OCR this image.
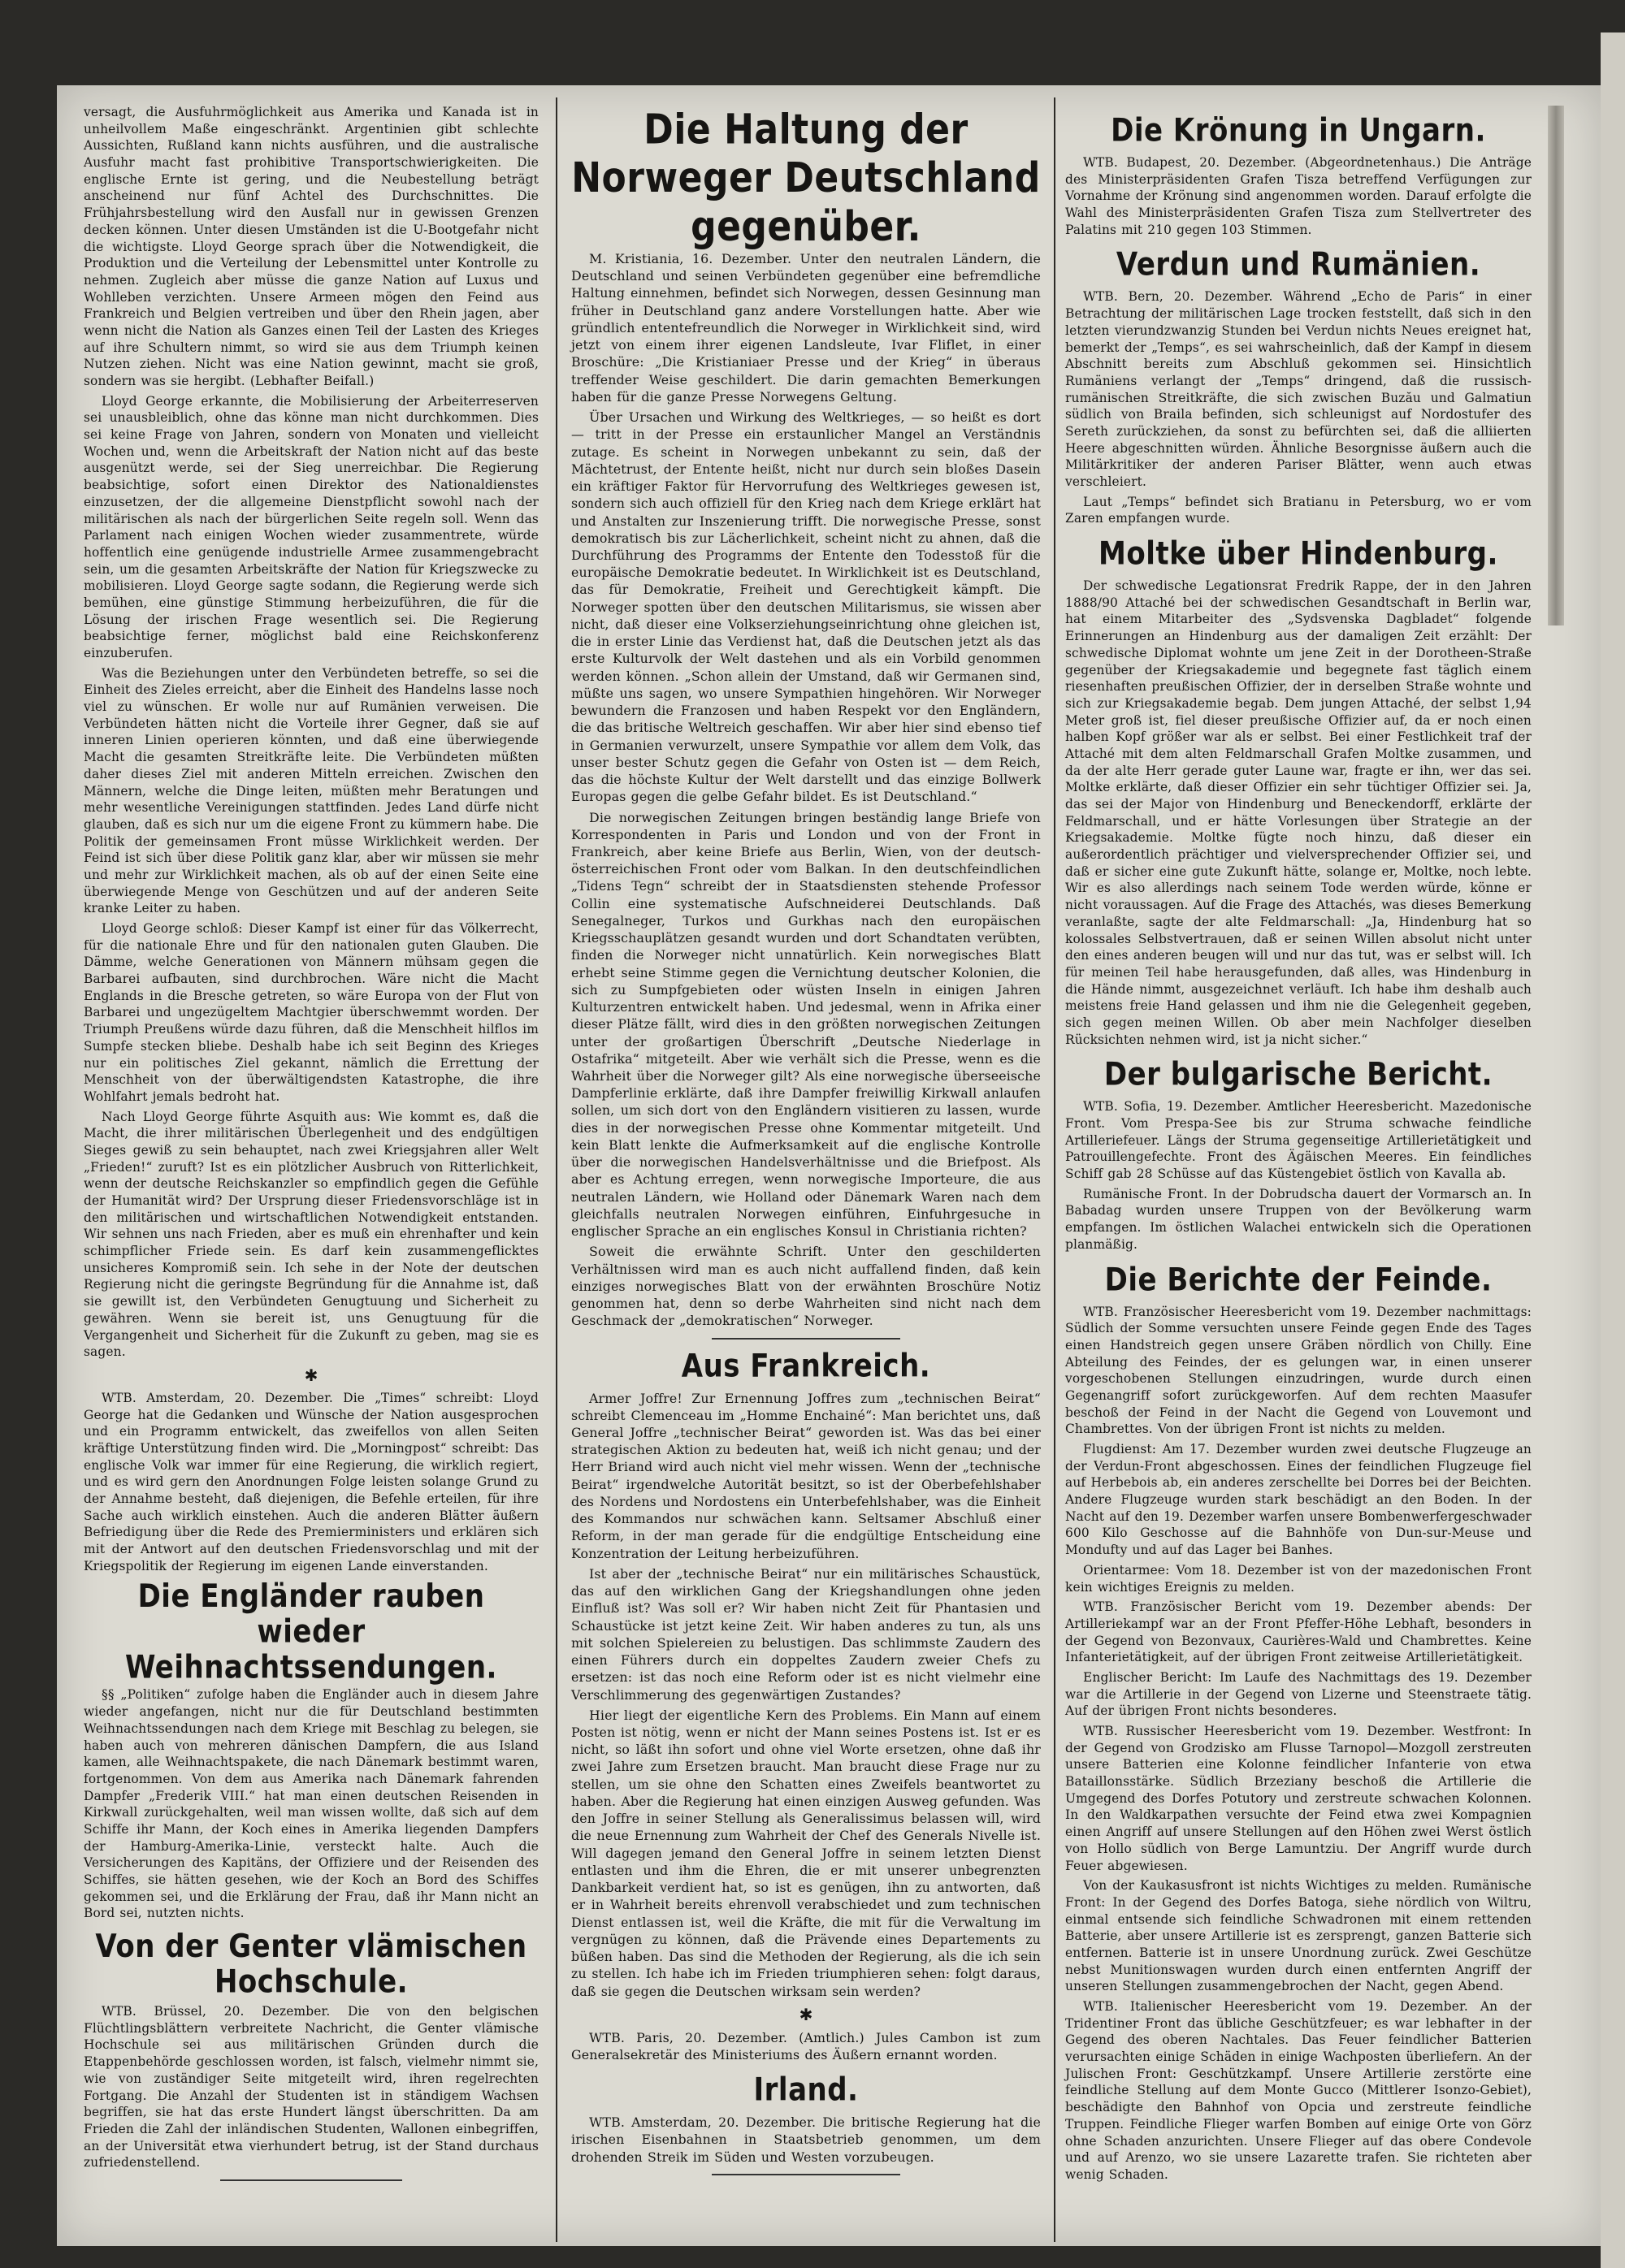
versagt, die Ausfuhrmöglichkeit aus Amerika und Kanada ist in unheilvollem Maße eingeschränkt. Argentinien gibt schlechte Aussichten, Rußland kann nichts ausführen, und die australische Ausfuhr macht fast prohibitive Transportschwierigkeiten. Die englische Ernte ist gering, und die Neubestellung beträgt anscheinend nur fünf Achtel des Durchschnittes. Die Frühjahrsbestellung wird den Ausfall nur in gewissen Grenzen decken können. Unter diesen Umständen ist die U-Bootgefahr nicht die wichtigste. Lloyd George sprach über die Notwendigkeit, die Produktion und die Verteilung der Lebensmittel unter Kontrolle zu nehmen. Zugleich aber müsse die ganze Nation auf Luxus und Wohlleben verzichten. Unsere Armeen mögen den Feind aus Frankreich und Belgien vertreiben und über den Rhein jagen, aber wenn nicht die Nation als Ganzes einen Teil der Lasten des Krieges auf ihre Schultern nimmt, so wird sie aus dem Triumph keinen Nutzen ziehen. Nicht was eine Nation gewinnt, macht sie groß, sondern was sie hergibt. (Lebhafter Beifall.)

Lloyd George erkannte, die Mobilisierung der Arbeiterreserven sei unausbleiblich, ohne das könne man nicht durchkommen. Dies sei keine Frage von Jahren, sondern von Monaten und vielleicht Wochen und, wenn die Arbeitskraft der Nation nicht auf das beste ausgenützt werde, sei der Sieg unerreichbar. Die Regierung beabsichtige, sofort einen Direktor des Nationaldienstes einzusetzen, der die allgemeine Dienstpflicht sowohl nach der militärischen als nach der bürgerlichen Seite regeln soll. Wenn das Parlament nach einigen Wochen wieder zusammentrete, würde hoffentlich eine genügende industrielle Armee zusammengebracht sein, um die gesamten Arbeitskräfte der Nation für Kriegszwecke zu mobilisieren. Lloyd George sagte sodann, die Regierung werde sich bemühen, eine günstige Stimmung herbeizuführen, die für die Lösung der irischen Frage wesentlich sei. Die Regierung beabsichtige ferner, möglichst bald eine Reichskonferenz einzuberufen.

Was die Beziehungen unter den Verbündeten betreffe, so sei die Einheit des Zieles erreicht, aber die Einheit des Handelns lasse noch viel zu wünschen. Er wolle nur auf Rumänien verweisen. Die Verbündeten hätten nicht die Vorteile ihrer Gegner, daß sie auf inneren Linien operieren könnten, und daß eine überwiegende Macht die gesamten Streitkräfte leite. Die Verbündeten müßten daher dieses Ziel mit anderen Mitteln erreichen. Zwischen den Männern, welche die Dinge leiten, müßten mehr Beratungen und mehr wesentliche Vereinigungen stattfinden. Jedes Land dürfe nicht glauben, daß es sich nur um die eigene Front zu kümmern habe. Die Politik der gemeinsamen Front müsse Wirklichkeit werden. Der Feind ist sich über diese Politik ganz klar, aber wir müssen sie mehr und mehr zur Wirklichkeit machen, als ob auf der einen Seite eine überwiegende Menge von Geschützen und auf der anderen Seite kranke Leiter zu haben.

Lloyd George schloß: Dieser Kampf ist einer für das Völkerrecht, für die nationale Ehre und für den nationalen guten Glauben. Die Dämme, welche Generationen von Männern mühsam gegen die Barbarei aufbauten, sind durchbrochen. Wäre nicht die Macht Englands in die Bresche getreten, so wäre Europa von der Flut von Barbarei und ungezügeltem Machtgier überschwemmt worden. Der Triumph Preußens würde dazu führen, daß die Menschheit hilflos im Sumpfe stecken bliebe. Deshalb habe ich seit Beginn des Krieges nur ein politisches Ziel gekannt, nämlich die Errettung der Menschheit von der überwältigendsten Katastrophe, die ihre Wohlfahrt jemals bedroht hat.

Nach Lloyd George führte Asquith aus: Wie kommt es, daß die Macht, die ihrer militärischen Überlegenheit und des endgültigen Sieges gewiß zu sein behauptet, nach zwei Kriegsjahren aller Welt „Frieden!“ zuruft? Ist es ein plötzlicher Ausbruch von Ritterlichkeit, wenn der deutsche Reichskanzler so empfindlich gegen die Gefühle der Humanität wird? Der Ursprung dieser Friedensvorschläge ist in den militärischen und wirtschaftlichen Notwendigkeit entstanden. Wir sehnen uns nach Frieden, aber es muß ein ehrenhafter und kein schimpflicher Friede sein. Es darf kein zusammengeflicktes unsicheres Kompromiß sein. Ich sehe in der Note der deutschen Regierung nicht die geringste Begründung für die Annahme ist, daß sie gewillt ist, den Verbündeten Genugtuung und Sicherheit zu gewähren. Wenn sie bereit ist, uns Genugtuung für die Vergangenheit und Sicherheit für die Zukunft zu geben, mag sie es sagen.

✱

WTB. Amsterdam, 20. Dezember. Die „Times“ schreibt: Lloyd George hat die Gedanken und Wünsche der Nation ausgesprochen und ein Programm entwickelt, das zweifellos von allen Seiten kräftige Unterstützung finden wird. Die „Morningpost“ schreibt: Das englische Volk war immer für eine Regierung, die wirklich regiert, und es wird gern den Anordnungen Folge leisten solange Grund zu der Annahme besteht, daß diejenigen, die Befehle erteilen, für ihre Sache auch wirklich einstehen. Auch die anderen Blätter äußern Befriedigung über die Rede des Premierministers und erklären sich mit der Antwort auf den deutschen Friedensvorschlag und mit der Kriegspolitik der Regierung im eigenen Lande einverstanden.

Die Engländer rauben wieder Weihnachtssendungen.

§§ „Politiken“ zufolge haben die Engländer auch in diesem Jahre wieder angefangen, nicht nur die für Deutschland bestimmten Weihnachtssendungen nach dem Kriege mit Beschlag zu belegen, sie haben auch von mehreren dänischen Dampfern, die aus Island kamen, alle Weihnachtspakete, die nach Dänemark bestimmt waren, fortgenommen. Von dem aus Amerika nach Dänemark fahrenden Dampfer „Frederik VIII.“ hat man einen deutschen Reisenden in Kirkwall zurückgehalten, weil man wissen wollte, daß sich auf dem Schiffe ihr Mann, der Koch eines in Amerika liegenden Dampfers der Hamburg-Amerika-Linie, versteckt halte. Auch die Versicherungen des Kapitäns, der Offiziere und der Reisenden des Schiffes, sie hätten gesehen, wie der Koch an Bord des Schiffes gekommen sei, und die Erklärung der Frau, daß ihr Mann nicht an Bord sei, nutzten nichts.

Von der Genter vlämischen Hochschule.

WTB. Brüssel, 20. Dezember. Die von den belgischen Flüchtlingsblättern verbreitete Nachricht, die Genter vlämische Hochschule sei aus militärischen Gründen durch die Etappenbehörde geschlossen worden, ist falsch, vielmehr nimmt sie, wie von zuständiger Seite mitgeteilt wird, ihren regelrechten Fortgang. Die Anzahl der Studenten ist in ständigem Wachsen begriffen, sie hat das erste Hundert längst überschritten. Da am Frieden die Zahl der inländischen Studenten, Wallonen einbegriffen, an der Universität etwa vierhundert betrug, ist der Stand durchaus zufriedenstellend.

Die Haltung der Norweger Deutschland gegenüber.

M. Kristiania, 16. Dezember. Unter den neutralen Ländern, die Deutschland und seinen Verbündeten gegenüber eine befremdliche Haltung einnehmen, befindet sich Norwegen, dessen Gesinnung man früher in Deutschland ganz andere Vorstellungen hatte. Aber wie gründlich ententefreundlich die Norweger in Wirklichkeit sind, wird jetzt von einem ihrer eigenen Landsleute, Ivar Fliflet, in einer Broschüre: „Die Kristianiaer Presse und der Krieg“ in überaus treffender Weise geschildert. Die darin gemachten Bemerkungen haben für die ganze Presse Norwegens Geltung.

Über Ursachen und Wirkung des Weltkrieges, — so heißt es dort — tritt in der Presse ein erstaunlicher Mangel an Verständnis zutage. Es scheint in Norwegen unbekannt zu sein, daß der Mächtetrust, der Entente heißt, nicht nur durch sein bloßes Dasein ein kräftiger Faktor für Hervorrufung des Weltkrieges gewesen ist, sondern sich auch offiziell für den Krieg nach dem Kriege erklärt hat und Anstalten zur Inszenierung trifft. Die norwegische Presse, sonst demokratisch bis zur Lächerlichkeit, scheint nicht zu ahnen, daß die Durchführung des Programms der Entente den Todesstoß für die europäische Demokratie bedeutet. In Wirklichkeit ist es Deutschland, das für Demokratie, Freiheit und Gerechtigkeit kämpft. Die Norweger spotten über den deutschen Militarismus, sie wissen aber nicht, daß dieser eine Volkserziehungseinrichtung ohne gleichen ist, die in erster Linie das Verdienst hat, daß die Deutschen jetzt als das erste Kulturvolk der Welt dastehen und als ein Vorbild genommen werden können. „Schon allein der Umstand, daß wir Germanen sind, müßte uns sagen, wo unsere Sympathien hingehören. Wir Norweger bewundern die Franzosen und haben Respekt vor den Engländern, die das britische Weltreich geschaffen. Wir aber hier sind ebenso tief in Germanien verwurzelt, unsere Sympathie vor allem dem Volk, das unser bester Schutz gegen die Gefahr von Osten ist — dem Reich, das die höchste Kultur der Welt darstellt und das einzige Bollwerk Europas gegen die gelbe Gefahr bildet. Es ist Deutschland.“

Die norwegischen Zeitungen bringen beständig lange Briefe von Korrespondenten in Paris und London und von der Front in Frankreich, aber keine Briefe aus Berlin, Wien, von der deutsch-österreichischen Front oder vom Balkan. In den deutschfeindlichen „Tidens Tegn“ schreibt der in Staatsdiensten stehende Professor Collin eine systematische Aufschneiderei Deutschlands. Daß Senegalneger, Turkos und Gurkhas nach den europäischen Kriegsschauplätzen gesandt wurden und dort Schandtaten verübten, finden die Norweger nicht unnatürlich. Kein norwegisches Blatt erhebt seine Stimme gegen die Vernichtung deutscher Kolonien, die sich zu Sumpfgebieten oder wüsten Inseln in einigen Jahren Kulturzentren entwickelt haben. Und jedesmal, wenn in Afrika einer dieser Plätze fällt, wird dies in den größten norwegischen Zeitungen unter der großartigen Überschrift „Deutsche Niederlage in Ostafrika“ mitgeteilt. Aber wie verhält sich die Presse, wenn es die Wahrheit über die Norweger gilt? Als eine norwegische überseeische Dampferlinie erklärte, daß ihre Dampfer freiwillig Kirkwall anlaufen sollen, um sich dort von den Engländern visitieren zu lassen, wurde dies in der norwegischen Presse ohne Kommentar mitgeteilt. Und kein Blatt lenkte die Aufmerksamkeit auf die englische Kontrolle über die norwegischen Handelsverhältnisse und die Briefpost. Als aber es Achtung erregen, wenn norwegische Importeure, die aus neutralen Ländern, wie Holland oder Dänemark Waren nach dem gleichfalls neutralen Norwegen einführen, Einfuhrgesuche in englischer Sprache an ein englisches Konsul in Christiania richten?

Soweit die erwähnte Schrift. Unter den geschilderten Verhältnissen wird man es auch nicht auffallend finden, daß kein einziges norwegisches Blatt von der erwähnten Broschüre Notiz genommen hat, denn so derbe Wahrheiten sind nicht nach dem Geschmack der „demokratischen“ Norweger.

Aus Frankreich.

Armer Joffre! Zur Ernennung Joffres zum „technischen Beirat“ schreibt Clemenceau im „Homme Enchainé“: Man berichtet uns, daß General Joffre „technischer Beirat“ geworden ist. Was das bei einer strategischen Aktion zu bedeuten hat, weiß ich nicht genau; und der Herr Briand wird auch nicht viel mehr wissen. Wenn der „technische Beirat“ irgendwelche Autorität besitzt, so ist der Oberbefehlshaber des Nordens und Nordostens ein Unterbefehlshaber, was die Einheit des Kommandos nur schwächen kann. Seltsamer Abschluß einer Reform, in der man gerade für die endgültige Entscheidung eine Konzentration der Leitung herbeizuführen.

Ist aber der „technische Beirat“ nur ein militärisches Schaustück, das auf den wirklichen Gang der Kriegshandlungen ohne jeden Einfluß ist? Was soll er? Wir haben nicht Zeit für Phantasien und Schaustücke ist jetzt keine Zeit. Wir haben anderes zu tun, als uns mit solchen Spielereien zu belustigen. Das schlimmste Zaudern des einen Führers durch ein doppeltes Zaudern zweier Chefs zu ersetzen: ist das noch eine Reform oder ist es nicht vielmehr eine Verschlimmerung des gegenwärtigen Zustandes?

Hier liegt der eigentliche Kern des Problems. Ein Mann auf einem Posten ist nötig, wenn er nicht der Mann seines Postens ist. Ist er es nicht, so läßt ihn sofort und ohne viel Worte ersetzen, ohne daß ihr zwei Jahre zum Ersetzen braucht. Man braucht diese Frage nur zu stellen, um sie ohne den Schatten eines Zweifels beantwortet zu haben. Aber die Regierung hat einen einzigen Ausweg gefunden. Was den Joffre in seiner Stellung als Generalissimus belassen will, wird die neue Ernennung zum Wahrheit der Chef des Generals Nivelle ist. Will dagegen jemand den General Joffre in seinem letzten Dienst entlasten und ihm die Ehren, die er mit unserer unbegrenzten Dankbarkeit verdient hat, so ist es genügen, ihn zu antworten, daß er in Wahrheit bereits ehrenvoll verabschiedet und zum technischen Dienst entlassen ist, weil die Kräfte, die mit für die Verwaltung im vergnügen zu können, daß die Prävende eines Departements zu büßen haben. Das sind die Methoden der Regierung, als die ich sein zu stellen. Ich habe ich im Frieden triumphieren sehen: folgt daraus, daß sie gegen die Deutschen wirksam sein werden?

✱

WTB. Paris, 20. Dezember. (Amtlich.) Jules Cambon ist zum Generalsekretär des Ministeriums des Äußern ernannt worden.

Irland.

WTB. Amsterdam, 20. Dezember. Die britische Regierung hat die irischen Eisenbahnen in Staatsbetrieb genommen, um dem drohenden Streik im Süden und Westen vorzubeugen.

Die Krönung in Ungarn.

WTB. Budapest, 20. Dezember. (Abgeordnetenhaus.) Die Anträge des Ministerpräsidenten Grafen Tisza betreffend Verfügungen zur Vornahme der Krönung sind angenommen worden. Darauf erfolgte die Wahl des Ministerpräsidenten Grafen Tisza zum Stellvertreter des Palatins mit 210 gegen 103 Stimmen.

Verdun und Rumänien.

WTB. Bern, 20. Dezember. Während „Echo de Paris“ in einer Betrachtung der militärischen Lage trocken feststellt, daß sich in den letzten vierundzwanzig Stunden bei Verdun nichts Neues ereignet hat, bemerkt der „Temps“, es sei wahrscheinlich, daß der Kampf in diesem Abschnitt bereits zum Abschluß gekommen sei. Hinsichtlich Rumäniens verlangt der „Temps“ dringend, daß die russisch-rumänischen Streitkräfte, die sich zwischen Buzău und Galmatiun südlich von Braila befinden, sich schleunigst auf Nordostufer des Sereth zurückziehen, da sonst zu befürchten sei, daß die alliierten Heere abgeschnitten würden. Ähnliche Besorgnisse äußern auch die Militärkritiker der anderen Pariser Blätter, wenn auch etwas verschleiert.

Laut „Temps“ befindet sich Bratianu in Petersburg, wo er vom Zaren empfangen wurde.

Moltke über Hindenburg.

Der schwedische Legationsrat Fredrik Rappe, der in den Jahren 1888/90 Attaché bei der schwedischen Gesandtschaft in Berlin war, hat einem Mitarbeiter des „Sydsvenska Dagbladet“ folgende Erinnerungen an Hindenburg aus der damaligen Zeit erzählt: Der schwedische Diplomat wohnte um jene Zeit in der Dorotheen-Straße gegenüber der Kriegsakademie und begegnete fast täglich einem riesenhaften preußischen Offizier, der in derselben Straße wohnte und sich zur Kriegsakademie begab. Dem jungen Attaché, der selbst 1,94 Meter groß ist, fiel dieser preußische Offizier auf, da er noch einen halben Kopf größer war als er selbst. Bei einer Festlichkeit traf der Attaché mit dem alten Feldmarschall Grafen Moltke zusammen, und da der alte Herr gerade guter Laune war, fragte er ihn, wer das sei. Moltke erklärte, daß dieser Offizier ein sehr tüchtiger Offizier sei. Ja, das sei der Major von Hindenburg und Beneckendorff, erklärte der Feldmarschall, und er hätte Vorlesungen über Strategie an der Kriegsakademie. Moltke fügte noch hinzu, daß dieser ein außerordentlich prächtiger und vielversprechender Offizier sei, und daß er sicher eine gute Zukunft hätte, solange er, Moltke, noch lebte. Wir es also allerdings nach seinem Tode werden würde, könne er nicht voraussagen. Auf die Frage des Attachés, was dieses Bemerkung veranlaßte, sagte der alte Feldmarschall: „Ja, Hindenburg hat so kolossales Selbstvertrauen, daß er seinen Willen absolut nicht unter den eines anderen beugen will und nur das tut, was er selbst will. Ich für meinen Teil habe herausgefunden, daß alles, was Hindenburg in die Hände nimmt, ausgezeichnet verläuft. Ich habe ihm deshalb auch meistens freie Hand gelassen und ihm nie die Gelegenheit gegeben, sich gegen meinen Willen. Ob aber mein Nachfolger dieselben Rücksichten nehmen wird, ist ja nicht sicher.“

Der bulgarische Bericht.

WTB. Sofia, 19. Dezember. Amtlicher Heeresbericht. Mazedonische Front. Vom Prespa-See bis zur Struma schwache feindliche Artilleriefeuer. Längs der Struma gegenseitige Artillerietätigkeit und Patrouillengefechte. Front des Ägäischen Meeres. Ein feindliches Schiff gab 28 Schüsse auf das Küstengebiet östlich von Kavalla ab.

Rumänische Front. In der Dobrudscha dauert der Vormarsch an. In Babadag wurden unsere Truppen von der Bevölkerung warm empfangen. Im östlichen Walachei entwickeln sich die Operationen planmäßig.

Die Berichte der Feinde.

WTB. Französischer Heeresbericht vom 19. Dezember nachmittags: Südlich der Somme versuchten unsere Feinde gegen Ende des Tages einen Handstreich gegen unsere Gräben nördlich von Chilly. Eine Abteilung des Feindes, der es gelungen war, in einen unserer vorgeschobenen Stellungen einzudringen, wurde durch einen Gegenangriff sofort zurückgeworfen. Auf dem rechten Maasufer beschoß der Feind in der Nacht die Gegend von Louvemont und Chambrettes. Von der übrigen Front ist nichts zu melden.

Flugdienst: Am 17. Dezember wurden zwei deutsche Flugzeuge an der Verdun-Front abgeschossen. Eines der feindlichen Flugzeuge fiel auf Herbebois ab, ein anderes zerschellte bei Dorres bei der Beichten. Andere Flugzeuge wurden stark beschädigt an den Boden. In der Nacht auf den 19. Dezember warfen unsere Bombenwerfergeschwader 600 Kilo Geschosse auf die Bahnhöfe von Dun-sur-Meuse und Mondufty und auf das Lager bei Banhes.

Orientarmee: Vom 18. Dezember ist von der mazedonischen Front kein wichtiges Ereignis zu melden.

WTB. Französischer Bericht vom 19. Dezember abends: Der Artilleriekampf war an der Front Pfeffer-Höhe Lebhaft, besonders in der Gegend von Bezonvaux, Caurières-Wald und Chambrettes. Keine Infanterietätigkeit, auf der übrigen Front zeitweise Artillerietätigkeit.

Englischer Bericht: Im Laufe des Nachmittags des 19. Dezember war die Artillerie in der Gegend von Lizerne und Steenstraete tätig. Auf der übrigen Front nichts besonderes.

WTB. Russischer Heeresbericht vom 19. Dezember. Westfront: In der Gegend von Grodzisko am Flusse Tarnopol—Mozgoll zerstreuten unsere Batterien eine Kolonne feindlicher Infanterie von etwa Bataillonsstärke. Südlich Brzeziany beschoß die Artillerie die Umgegend des Dorfes Potutory und zerstreute schwachen Kolonnen. In den Waldkarpathen versuchte der Feind etwa zwei Kompagnien einen Angriff auf unsere Stellungen auf den Höhen zwei Werst östlich von Hollo südlich von Berge Lamuntziu. Der Angriff wurde durch Feuer abgewiesen.

Von der Kaukasusfront ist nichts Wichtiges zu melden. Rumänische Front: In der Gegend des Dorfes Batoga, siehe nördlich von Wiltru, einmal entsende sich feindliche Schwadronen mit einem rettenden Batterie, aber unsere Artillerie ist es zersprengt, ganzen Batterie sich entfernen. Batterie ist in unsere Unordnung zurück. Zwei Geschütze nebst Munitionswagen wurden durch einen entfernten Angriff der unseren Stellungen zusammengebrochen der Nacht, gegen Abend.

WTB. Italienischer Heeresbericht vom 19. Dezember. An der Tridentiner Front das übliche Geschützfeuer; es war lebhafter in der Gegend des oberen Nachtales. Das Feuer feindlicher Batterien verursachten einige Schäden in einige Wachposten überliefern. An der Julischen Front: Geschützkampf. Unsere Artillerie zerstörte eine feindliche Stellung auf dem Monte Gucco (Mittlerer Isonzo-Gebiet), beschädigte den Bahnhof von Opcia und zerstreute feindliche Truppen. Feindliche Flieger warfen Bomben auf einige Orte von Görz ohne Schaden anzurichten. Unsere Flieger auf das obere Condevole und auf Arenzo, wo sie unsere Lazarette trafen. Sie richteten aber wenig Schaden.
